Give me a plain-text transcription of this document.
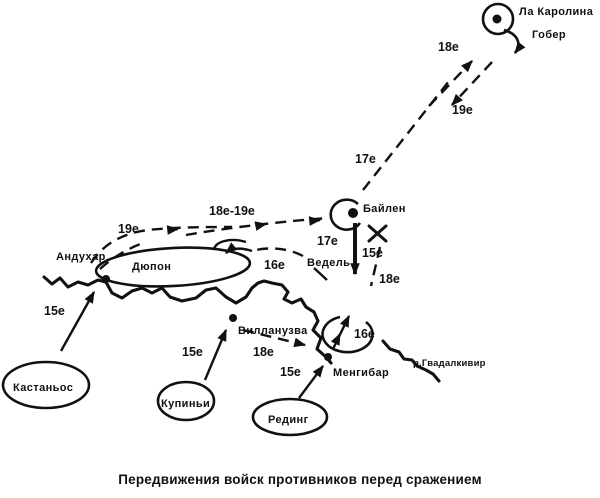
Ла Каролина
Гобер
Байлен
Ведель
Андухар
Дюпон
Вилланузва
Менгибар
р.Гвадалкивир
Кастаньос
Купиньи
Рединг
18е
19е
17е
18е-19е
19е
17е
16е
15е
18е
15е
16е
15е	18е
15е
Передвижения войск противников перед сражением
